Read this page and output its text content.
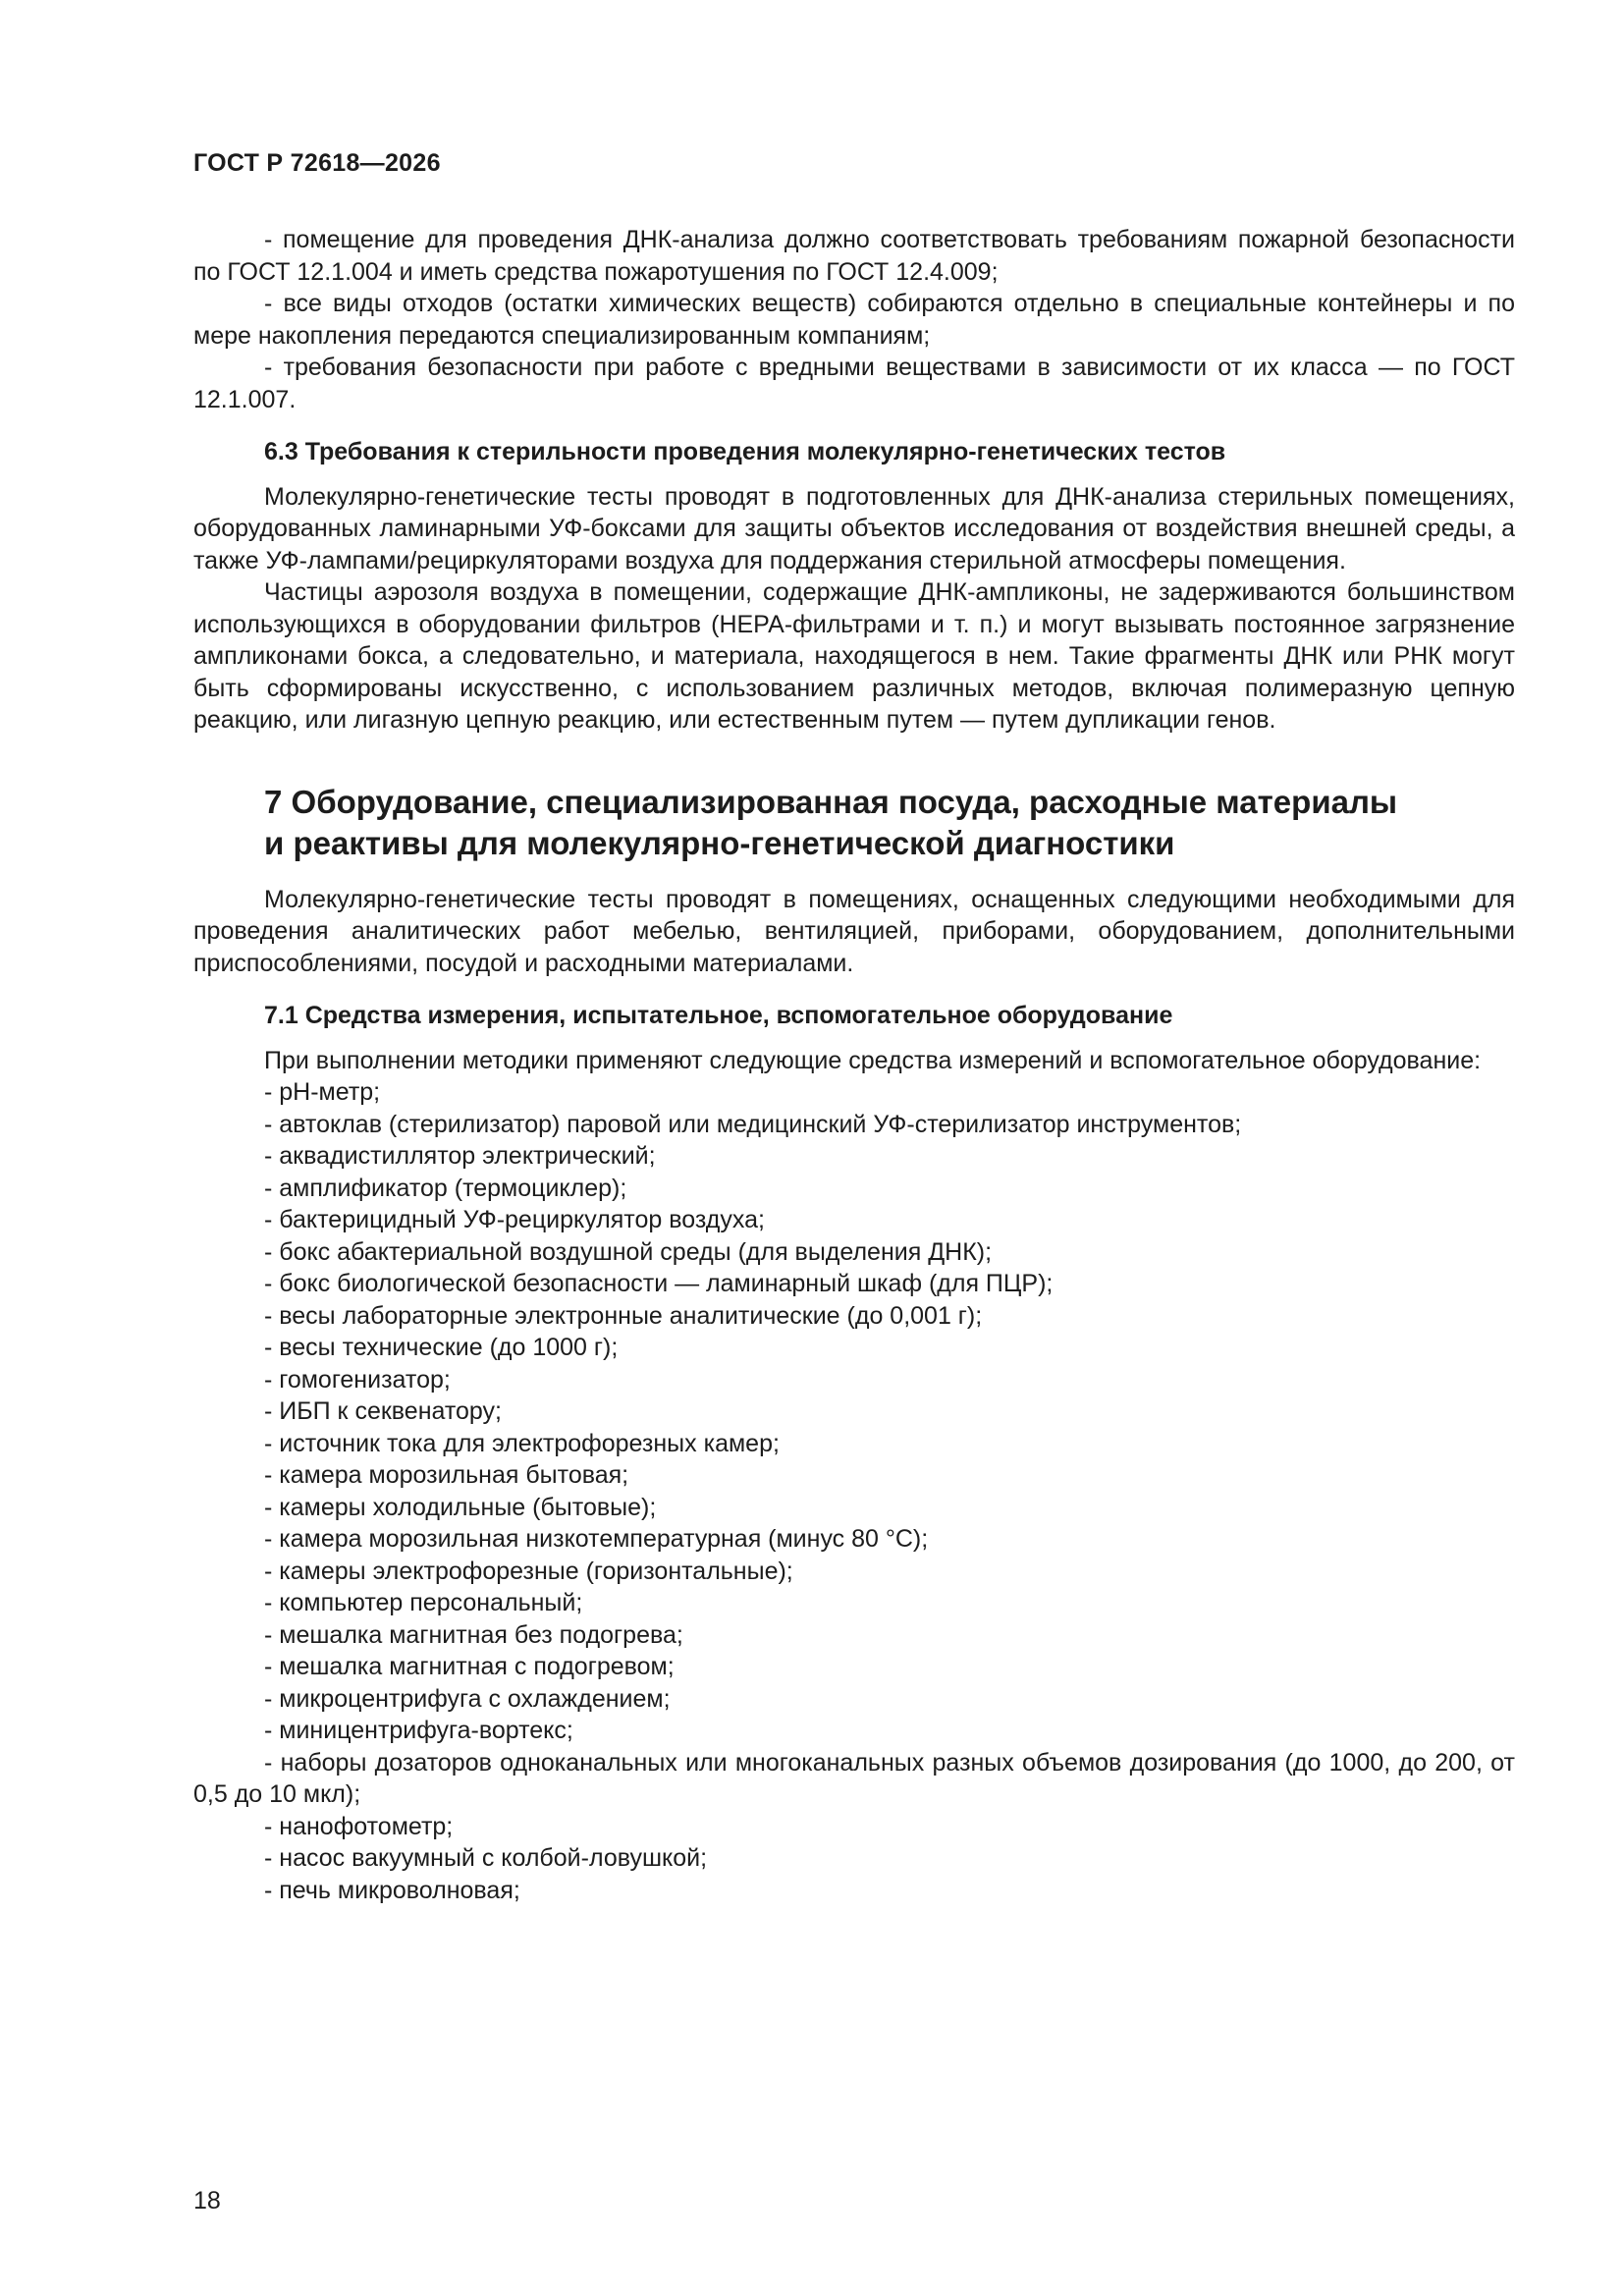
ГОСТ Р 72618—2026

- помещение для проведения ДНК-анализа должно соответствовать требованиям пожарной безопасности по ГОСТ 12.1.004 и иметь средства пожаротушения по ГОСТ 12.4.009;

- все виды отходов (остатки химических веществ) собираются отдельно в специальные контейнеры и по мере накопления передаются специализированным компаниям;

- требования безопасности при работе с вредными веществами в зависимости от их класса — по ГОСТ 12.1.007.

6.3 Требования к стерильности проведения молекулярно-генетических тестов

Молекулярно-генетические тесты проводят в подготовленных для ДНК-анализа стерильных помещениях, оборудованных ламинарными УФ-боксами для защиты объектов исследования от воздействия внешней среды, а также УФ-лампами/рециркуляторами воздуха для поддержания стерильной атмосферы помещения.

Частицы аэрозоля воздуха в помещении, содержащие ДНК-ампликоны, не задерживаются большинством использующихся в оборудовании фильтров (НЕРА-фильтрами и т. п.) и могут вызывать постоянное загрязнение ампликонами бокса, а следовательно, и материала, находящегося в нем. Такие фрагменты ДНК или РНК могут быть сформированы искусственно, с использованием различных методов, включая полимеразную цепную реакцию, или лигазную цепную реакцию, или естественным путем — путем дупликации генов.

7 Оборудование, специализированная посуда, расходные материалы
и реактивы для молекулярно-генетической диагностики

Молекулярно-генетические тесты проводят в помещениях, оснащенных следующими необходимыми для проведения аналитических работ мебелью, вентиляцией, приборами, оборудованием, дополнительными приспособлениями, посудой и расходными материалами.

7.1 Средства измерения, испытательное, вспомогательное оборудование

При выполнении методики применяют следующие средства измерений и вспомогательное оборудование:

- рН-метр;

- автоклав (стерилизатор) паровой или медицинский УФ-стерилизатор инструментов;

- аквадистиллятор электрический;

- амплификатор (термоциклер);

- бактерицидный УФ-рециркулятор воздуха;

- бокс абактериальной воздушной среды (для выделения ДНК);

- бокс биологической безопасности — ламинарный шкаф (для ПЦР);

- весы лабораторные электронные аналитические (до 0,001 г);

- весы технические (до 1000 г);

- гомогенизатор;

- ИБП к секвенатору;

- источник тока для электрофорезных камер;

- камера морозильная бытовая;

- камеры холодильные (бытовые);

- камера морозильная низкотемпературная (минус 80 °С);

- камеры электрофорезные (горизонтальные);

- компьютер персональный;

- мешалка магнитная без подогрева;

- мешалка магнитная с подогревом;

- микроцентрифуга с охлаждением;

- миницентрифуга-вортекс;

- наборы дозаторов одноканальных или многоканальных разных объемов дозирования (до 1000, до 200, от 0,5 до 10 мкл);

- нанофотометр;

- насос вакуумный с колбой-ловушкой;

- печь микроволновая;

18
